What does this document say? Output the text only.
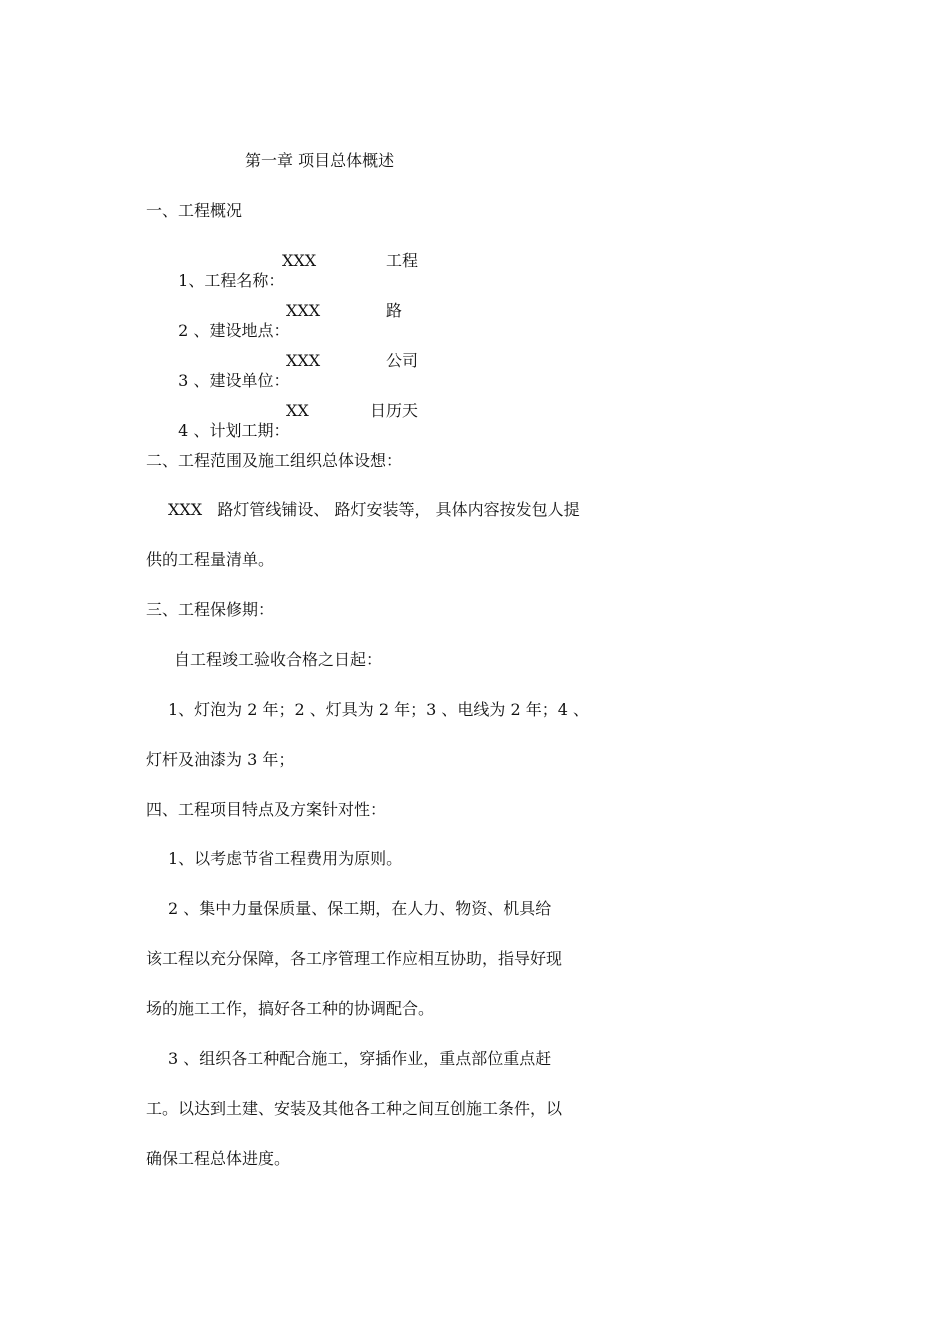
第一章 项目总体概述
一、工程概况

1、工程名称：

XXX

	工程

2 、建设地点：

XXX

	路

3 、建设单位：

XXX

	公司

4 、计划工期：

XX

	日历天

二、工程范围及施工组织总体设想：
XXX   路灯管线铺设、 路灯安装等， 具体内容按发包人提
供的工程量清单。
三、工程保修期：
自工程竣工验收合格之日起：
1、灯泡为 2 年；2 、灯具为 2 年；3 、电线为 2 年；4 、
灯杆及油漆为 3 年；
四、工程项目特点及方案针对性：
1、以考虑节省工程费用为原则。
2 、集中力量保质量、保工期，在人力、物资、机具给
该工程以充分保障，各工序管理工作应相互协助，指导好现
场的施工工作，搞好各工种的协调配合。
3 、组织各工种配合施工，穿插作业，重点部位重点赶
工。以达到土建、安装及其他各工种之间互创施工条件，以
确保工程总体进度。
